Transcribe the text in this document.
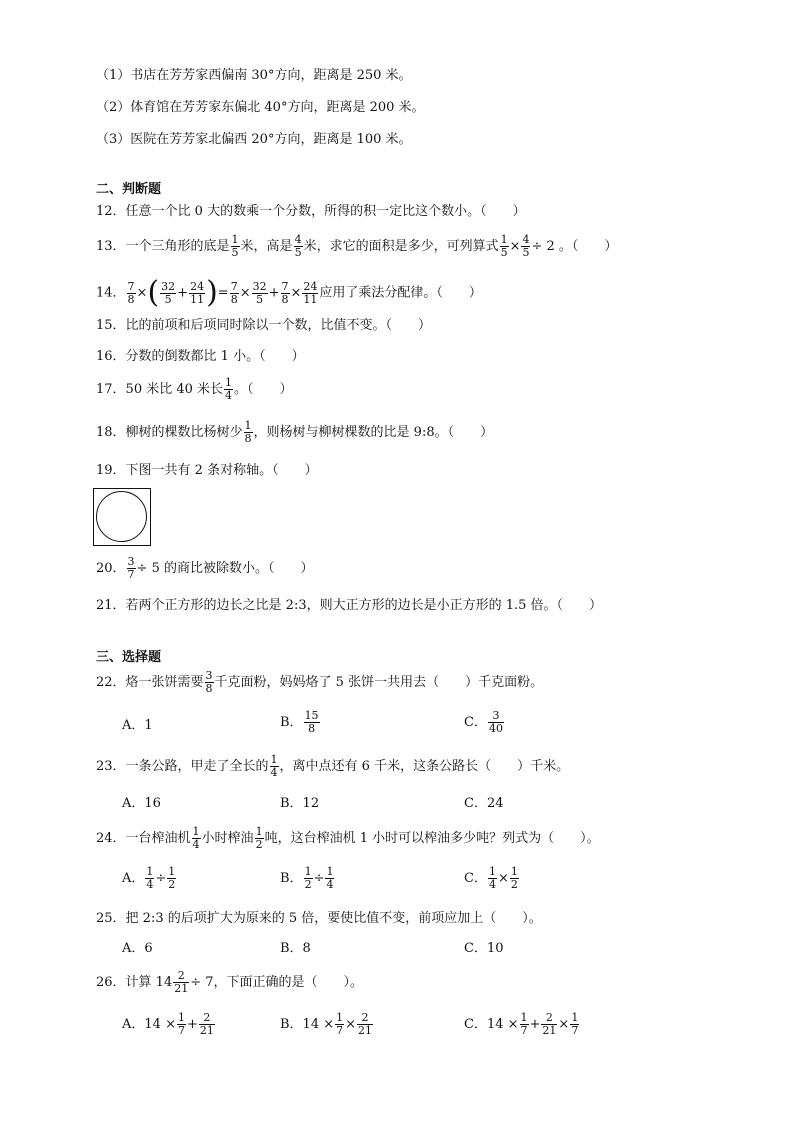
（1）书店在芳芳家西偏南 30°方向，距离是 250 米。
（2）体育馆在芳芳家东偏北 40°方向，距离是 200 米。
（3）医院在芳芳家北偏西 20°方向，距离是 100 米。
二、判断题
12．任意一个比 0 大的数乘一个分数，所得的积一定比这个数小。（　　）
13．一个三角形的底是 $\frac{1}{5}$ 米，高是 $\frac{4}{5}$ 米，求它的面积是多少，可列算式 $\frac{1}{5} \times \frac{4}{5} \div 2$ 。（　　）
14． $\frac{7}{8}$ ×( $\frac{32}{5} + \frac{24}{11}$ )= $\frac{7}{8} \times \frac{32}{5} + \frac{7}{8} \times \frac{24}{11}$ 应用了乘法分配律。（　　）
15．比的前项和后项同时除以一个数，比值不变。（　　）
16．分数的倒数都比 1 小。（　　）
17．50 米比 40 米长 $\frac{1}{4}$ 。（　　）
18．柳树的棵数比杨树少 $\frac{1}{8}$ ，则杨树与柳树棵数的比是 9:8。（　　）
19．下图一共有 2 条对称轴。（　　）
20． $\frac{3}{7} \div 5$ 的商比被除数小。（　　）
21．若两个正方形的边长之比是 2:3，则大正方形的边长是小正方形的 1.5 倍。（　　）
三、选择题
22．烙一张饼需要 $\frac{3}{8}$ 千克面粉，妈妈烙了 5 张饼一共用去（　　）千克面粉。
A．1	B． $\frac{15}{8}$	C． $\frac{3}{40}$
23．一条公路，甲走了全长的 $\frac{1}{4}$ ，离中点还有 6 千米，这条公路长（　　）千米。
A．16	B．12	C．24
24．一台榨油机 $\frac{1}{4}$ 小时榨油 $\frac{1}{2}$ 吨，这台榨油机 1 小时可以榨油多少吨？列式为（　　）。
A． $\frac{1}{4} \div \frac{1}{2}$	B． $\frac{1}{2} \div \frac{1}{4}$	C． $\frac{1}{4} \times \frac{1}{2}$
25．把 2:3 的后项扩大为原来的 5 倍，要使比值不变，前项应加上（　　）。
A．6	B．8	C．10
26．计算 $14 \frac{2}{21} \div 7$，下面正确的是（　　）。
A．$14 \times \frac{1}{7} + \frac{2}{21}$	B．$14 \times \frac{1}{7} \times \frac{2}{21}$	C．$14 \times \frac{1}{7} + \frac{2}{21} \times \frac{1}{7}$
